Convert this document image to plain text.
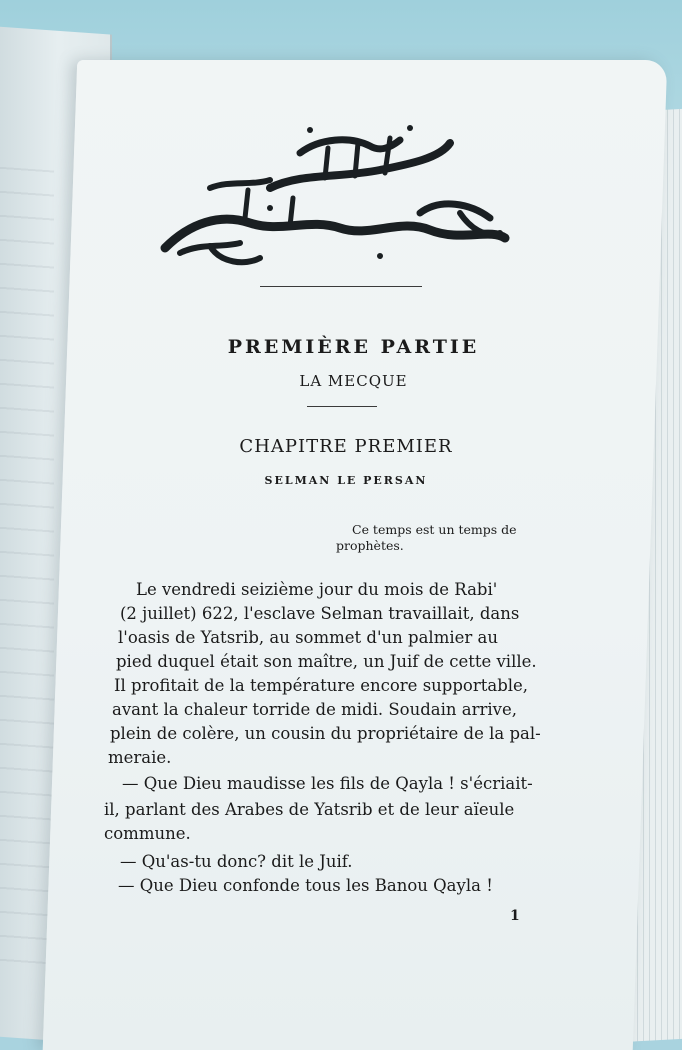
PREMIÈRE PARTIE
LA MECQUE
CHAPITRE PREMIER
SELMAN LE PERSAN
Ce temps est un temps de
prophètes.
Le vendredi seizième jour du mois de Rabi'
(2 juillet) 622, l'esclave Selman travaillait, dans
l'oasis de Yatsrib, au sommet d'un palmier au
pied duquel était son maître, un Juif de cette ville.
Il profitait de la température encore supportable,
avant la chaleur torride de midi. Soudain arrive,
plein de colère, un cousin du propriétaire de la pal-
meraie.
— Que Dieu maudisse les fils de Qayla ! s'écriait-
il, parlant des Arabes de Yatsrib et de leur aïeule
commune.
— Qu'as-tu donc? dit le Juif.
— Que Dieu confonde tous les Banou Qayla !
1
